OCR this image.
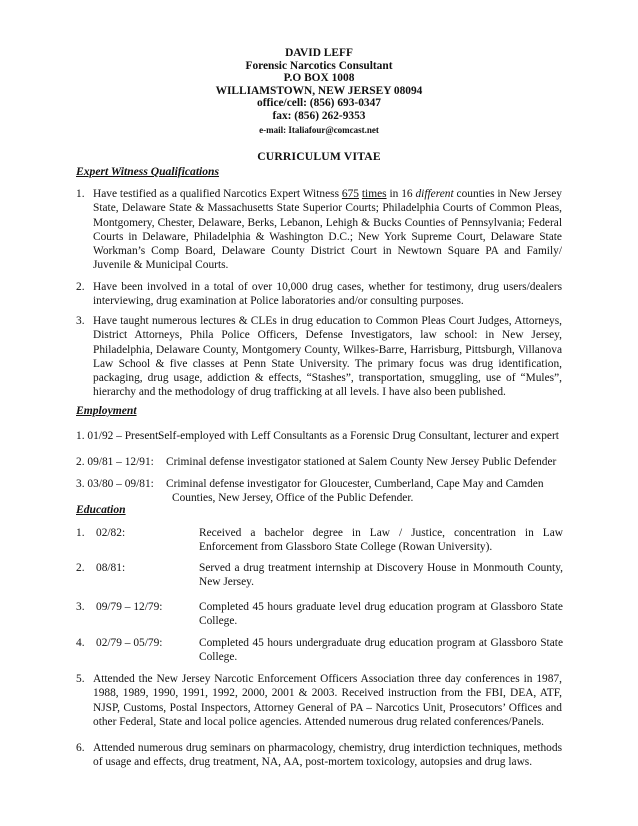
DAVID LEFF
Forensic Narcotics Consultant
P.O BOX 1008
WILLIAMSTOWN, NEW JERSEY 08094
office/cell: (856) 693-0347
fax: (856) 262-9353
e-mail: Italiafour@comcast.net
CURRICULUM VITAE
Expert Witness Qualifications
1. Have testified as a qualified Narcotics Expert Witness 675 times in 16 different counties in New Jersey State, Delaware State & Massachusetts State Superior Courts; Philadelphia Courts of Common Pleas, Montgomery, Chester, Delaware, Berks, Lebanon, Lehigh & Bucks Counties of Pennsylvania; Federal Courts in Delaware, Philadelphia & Washington D.C.; New York Supreme Court, Delaware State Workman’s Comp Board, Delaware County District Court in Newtown Square PA and Family/ Juvenile & Municipal Courts.
2. Have been involved in a total of over 10,000 drug cases, whether for testimony, drug users/dealers interviewing, drug examination at Police laboratories and/or consulting purposes.
3. Have taught numerous lectures & CLEs in drug education to Common Pleas Court Judges, Attorneys, District Attorneys, Phila Police Officers, Defense Investigators, law school: in New Jersey, Philadelphia, Delaware County, Montgomery County, Wilkes-Barre, Harrisburg, Pittsburgh, Villanova Law School & five classes at Penn State University. The primary focus was drug identification, packaging, drug usage, addiction & effects, “Stashes”, transportation, smuggling, use of “Mules”, hierarchy and the methodology of drug trafficking at all levels. I have also been published.
Employment
1. 01/92 – Present:
Self-employed with Leff Consultants as a Forensic Drug Consultant, lecturer and expert
2. 09/81 – 12/91: Criminal defense investigator stationed at Salem County New Jersey Public Defender
3. 03/80 – 09/81: Criminal defense investigator for Gloucester, Cumberland, Cape May and Camden
Counties, New Jersey, Office of the Public Defender.
Education
1. 02/82:	Received a bachelor degree in Law / Justice, concentration in Law Enforcement from Glassboro State College (Rowan University).
2. 08/81:	Served a drug treatment internship at Discovery House in Monmouth County, New Jersey.
3. 09/79 – 12/79:	Completed 45 hours graduate level drug education program at Glassboro State College.
4. 02/79 – 05/79:	Completed 45 hours undergraduate drug education program at Glassboro State College.
5. Attended the New Jersey Narcotic Enforcement Officers Association three day conferences in 1987, 1988, 1989, 1990, 1991, 1992, 2000, 2001 & 2003. Received instruction from the FBI, DEA, ATF, NJSP, Customs, Postal Inspectors, Attorney General of PA – Narcotics Unit, Prosecutors’ Offices and other Federal, State and local police agencies. Attended numerous drug related conferences/Panels.
6. Attended numerous drug seminars on pharmacology, chemistry, drug interdiction techniques, methods of usage and effects, drug treatment, NA, AA, post-mortem toxicology, autopsies and drug laws.
